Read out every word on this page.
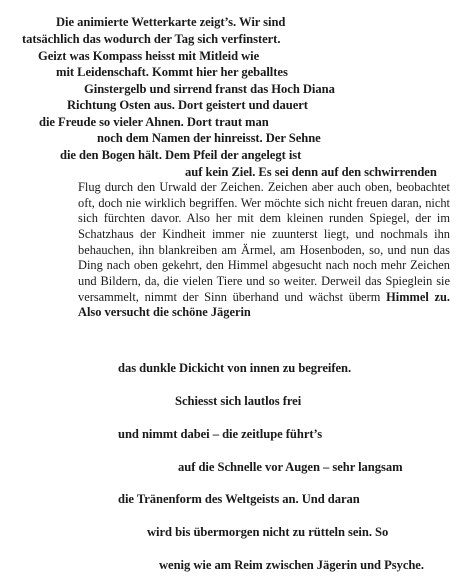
Die animierte Wetterkarte zeigt’s. Wir sind
tatsächlich das wodurch der Tag sich verfinstert.
Geizt was Kompass heisst mit Mitleid wie
mit Leidenschaft. Kommt hier her geballtes
Ginstergelb und sirrend franst das Hoch Diana
Richtung Osten aus. Dort geistert und dauert
die Freude so vieler Ahnen. Dort traut man
noch dem Namen der hinreisst. Der Sehne
die den Bogen hält. Dem Pfeil der angelegt ist
auf kein Ziel. Es sei denn auf den schwirrenden
Flug durch den Urwald der Zeichen. Zeichen aber auch oben, beobachtet oft, doch nie wirklich begriffen. Wer möchte sich nicht freuen daran, nicht sich fürchten davor. Also her mit dem kleinen runden Spiegel, der im Schatzhaus der Kindheit immer nie zuunterst liegt, und nochmals ihn behauchen, ihn blankreiben am Ärmel, am Hosenboden, so, und nun das Ding nach oben gekehrt, den Himmel abgesucht nach noch mehr Zeichen und Bildern, da, die vielen Tiere und so weiter. Derweil das Spieglein sie versammelt, nimmt der Sinn überhand und wächst überm Himmel zu. Also versucht die schöne Jägerin
das dunkle Dickicht von innen zu begreifen.
Schiesst sich lautlos frei
und nimmt dabei – die zeitlupe führt’s
auf die Schnelle vor Augen – sehr langsam
die Tränenform des Weltgeists an. Und daran
wird bis übermorgen nicht zu rütteln sein. So
wenig wie am Reim zwischen Jägerin und Psyche.
